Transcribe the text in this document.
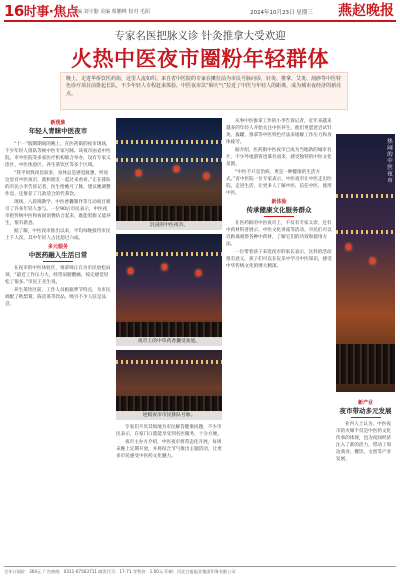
16时事·焦点
责编 刘宇勤 美编 蔡鹏峰 校对 毛阳	2024年10月23日 星期三 燕赵晚报
专家名医把脉义诊 针灸推拿大受欢迎
火热中医夜市圈粉年轻群体
晚上，走进华侨饮医药街，这里人流如织。来自省中医院的专家在摊位前为市民号脉问诊，针灸、推拿、艾灸、刮痧等中医特色诊疗项目前排起长队，不少年轻人专程赶来体验。中医夜市以“烟火气”拉近了中医与年轻人的距离，成为城市夜经济的新亮点。
新现象
年轻人青睐中医夜市

“十一”假期期间的晚上，在医药街的夜市现场，不少年轻人排队等候中医专家号脉。该夜市由省中医院、市中医院等多家医疗机构联合举办，设有专家义诊区、中医体验区、养生茶饮区等多个区域。

“我平时熬夜比较多，身体总是感觉疲惫，听说这里有中医夜市，就和朋友一起过来看看。”正在排队的市民小李告诉记者，医生给她号了脉，建议她调整作息，还推荐了几款适合的代茶饮。

现场，八段锦教学、中医香囊制作等互动项目吸引了许多年轻人参与。一位90后市民表示，中医夜市把传统中医和夜间消费结合起来，既能逛街又能养生，很有新意。

据了解，中医夜市推出以来，平均每晚接待市民上千人次，其中年轻人占比超过六成。

多元服务
中医药融入生活日常

在夜市的中医体验区，推拿师正在为市民放松肩颈，“最近工作压力大，经常肩膀酸痛，按完感觉轻松了很多。”市民王先生说。

养生茶饮区前，工作人员根据季节特点，为市民调配了秋梨膏、陈皮茶等饮品，吸引不少人驻足品尝。

沉浸的中医夜市。
夜市上的中草药香囊受欢迎。
逆假夜市市民排队号脉。

专家们不厌其烦地为市民解答健康问题，不少市民表示，在家门口就能享受到名医服务，十分方便。

夜市主办方介绍，中医夜市将常态化开展，每周末晚上定期开放，并将结合节气推出主题活动，让更多市民感受中医药文化魅力。

从事中医推拿工作的小李告诉记者，近年来越来越多的年轻人开始关注中医养生，他们更愿意尝试针灸、拔罐、推拿等中医特色疗法来缓解工作压力和身体疲劳。

据介绍，医药街中医夜市已成为当地新的城市名片，不少外地游客也慕名而来，感受独特的中医文化氛围。

“中医不只是治病，更是一种健康的生活方式。”省中医院一位专家表示，中医夜市让中医走出医院、走进生活，让更多人了解中医、信任中医、使用中医。

新体验
传承健康文化服务群众

在医药街的中医夜市上，不仅有专家义诊，还有中药材科普展示、中医文化讲座等活动。市民们可以近距离观察各种中药材，了解它们的功效和使用方法。

一位带着孩子来逛夜市的家长表示，这样的活动很有意义，孩子们可以在玩乐中学习中医知识，感受中华传统文化的博大精深。

热闹的中医夜市
新产业
夜市带动多元发展

业内人士认为，中医夜市的火爆不仅是中医药文化传承的体现，也为夜间经济注入了新的活力，带动了周边商业、餐饮、文创等产业发展。

全年订阅价：360元 广告热线：0311-67563711 邮发代号：17-71 零售价：1.00元 印刷：河北日报报业集团印务有限公司
